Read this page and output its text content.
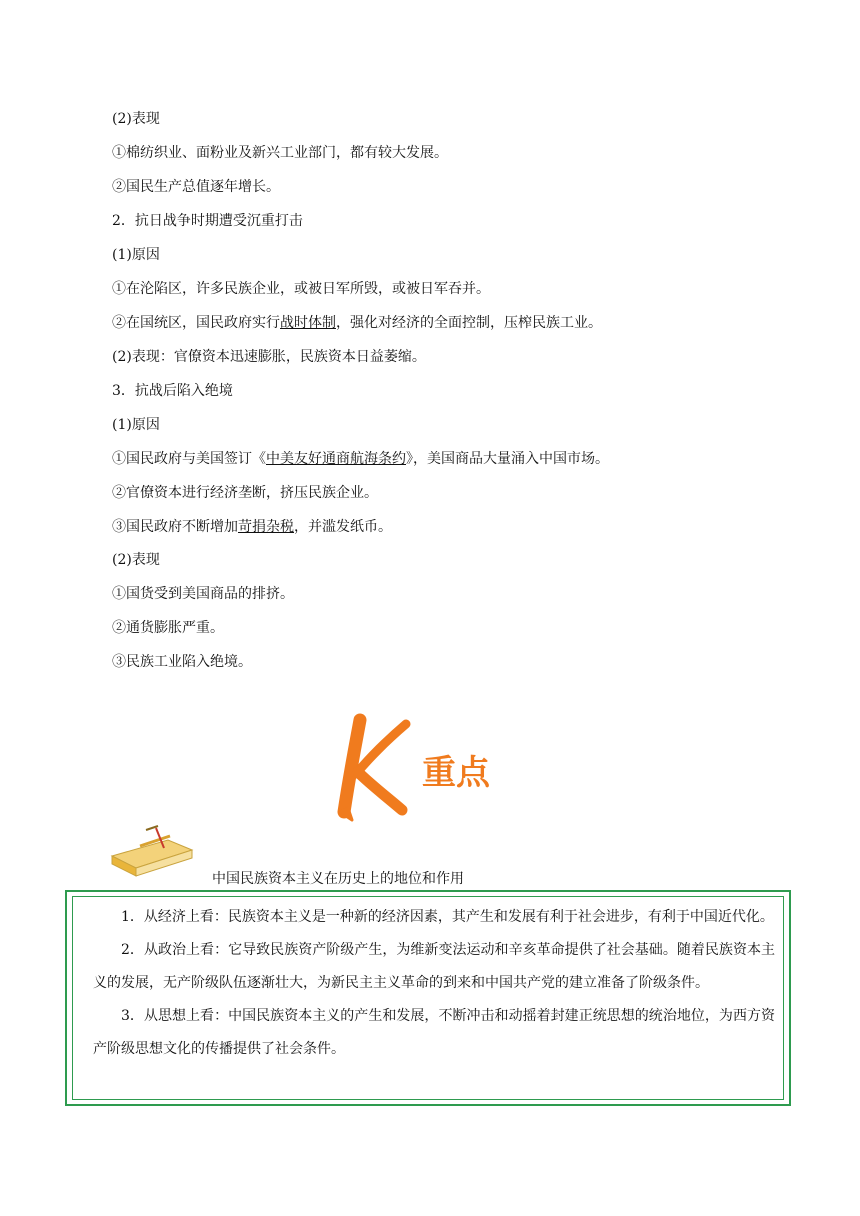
(2)表现
①棉纺织业、面粉业及新兴工业部门，都有较大发展。
②国民生产总值逐年增长。
2．抗日战争时期遭受沉重打击
(1)原因
①在沦陷区，许多民族企业，或被日军所毁，或被日军吞并。
②在国统区，国民政府实行战时体制，强化对经济的全面控制，压榨民族工业。
(2)表现：官僚资本迅速膨胀，民族资本日益萎缩。
3．抗战后陷入绝境
(1)原因
①国民政府与美国签订《中美友好通商航海条约》，美国商品大量涌入中国市场。
②官僚资本进行经济垄断，挤压民族企业。
③国民政府不断增加苛捐杂税，并滥发纸币。
(2)表现
①国货受到美国商品的排挤。
②通货膨胀严重。
③民族工业陷入绝境。
重点
中国民族资本主义在历史上的地位和作用

1．从经济上看：民族资本主义是一种新的经济因素，其产生和发展有利于社会进步，有利于中国近代化。

2．从政治上看：它导致民族资产阶级产生，为维新变法运动和辛亥革命提供了社会基础。随着民族资本主义的发展，无产阶级队伍逐渐壮大，为新民主主义革命的到来和中国共产党的建立准备了阶级条件。

3．从思想上看：中国民族资本主义的产生和发展，不断冲击和动摇着封建正统思想的统治地位，为西方资产阶级思想文化的传播提供了社会条件。
